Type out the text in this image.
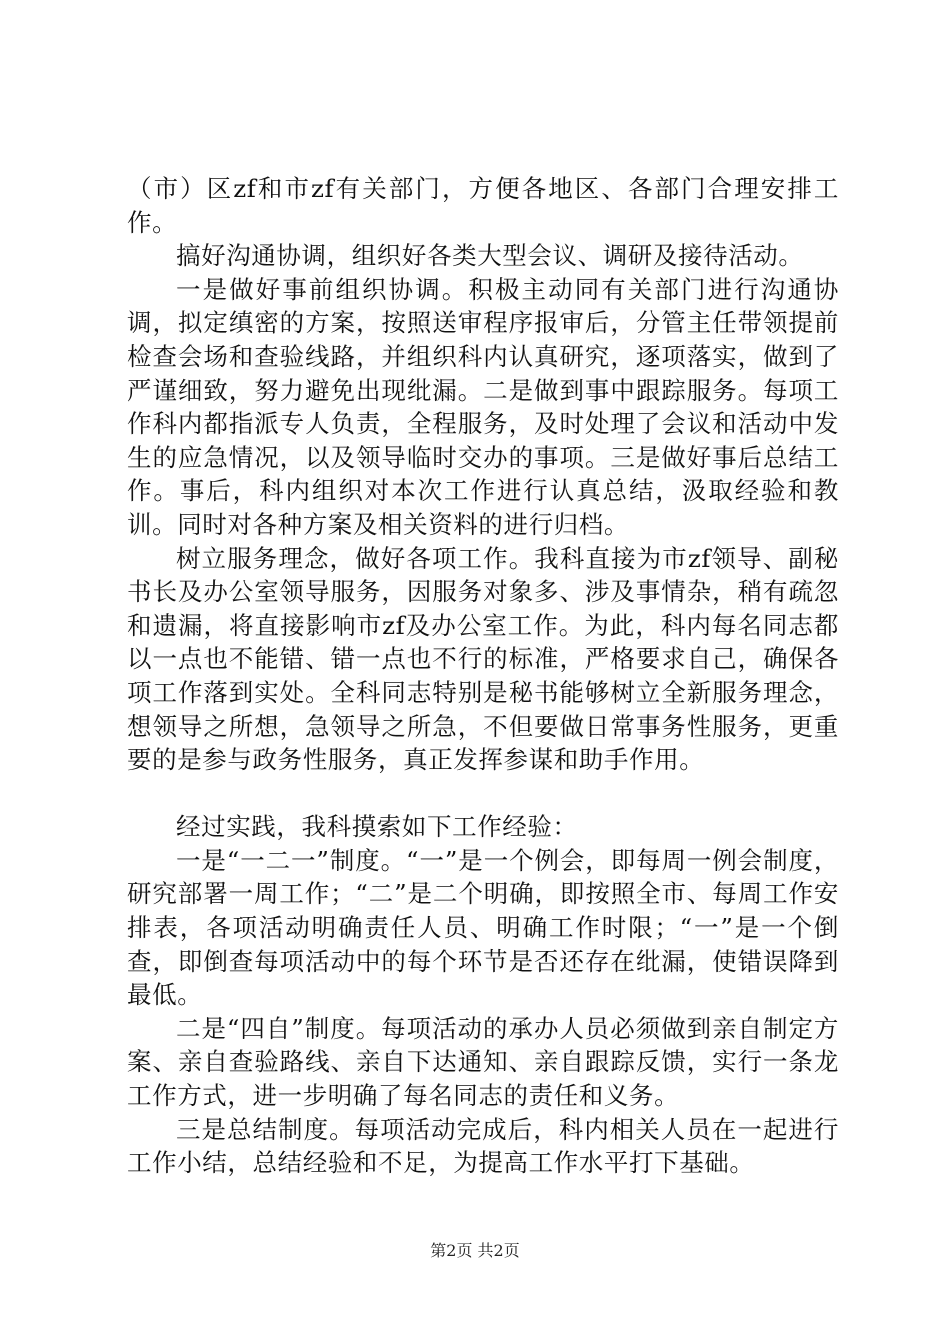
（市）区zf和市zf有关部门，方便各地区、各部门合理安排工作。

搞好沟通协调，组织好各类大型会议、调研及接待活动。

一是做好事前组织协调。积极主动同有关部门进行沟通协调，拟定缜密的方案，按照送审程序报审后，分管主任带领提前检查会场和查验线路，并组织科内认真研究，逐项落实，做到了严谨细致，努力避免出现纰漏。二是做到事中跟踪服务。每项工作科内都指派专人负责，全程服务，及时处理了会议和活动中发生的应急情况，以及领导临时交办的事项。三是做好事后总结工作。事后，科内组织对本次工作进行认真总结，汲取经验和教训。同时对各种方案及相关资料的进行归档。

树立服务理念，做好各项工作。我科直接为市zf领导、副秘书长及办公室领导服务，因服务对象多、涉及事情杂，稍有疏忽和遗漏，将直接影响市zf及办公室工作。为此，科内每名同志都以一点也不能错、错一点也不行的标准，严格要求自己，确保各项工作落到实处。全科同志特别是秘书能够树立全新服务理念，想领导之所想，急领导之所急，不但要做日常事务性服务，更重要的是参与政务性服务，真正发挥参谋和助手作用。

经过实践，我科摸索如下工作经验：

一是“一二一”制度。“一”是一个例会，即每周一例会制度，研究部署一周工作；“二”是二个明确，即按照全市、每周工作安排表，各项活动明确责任人员、明确工作时限；“一”是一个倒查，即倒查每项活动中的每个环节是否还存在纰漏，使错误降到最低。

二是“四自”制度。每项活动的承办人员必须做到亲自制定方案、亲自查验路线、亲自下达通知、亲自跟踪反馈，实行一条龙工作方式，进一步明确了每名同志的责任和义务。

三是总结制度。每项活动完成后，科内相关人员在一起进行工作小结，总结经验和不足，为提高工作水平打下基础。

第2页 共2页
